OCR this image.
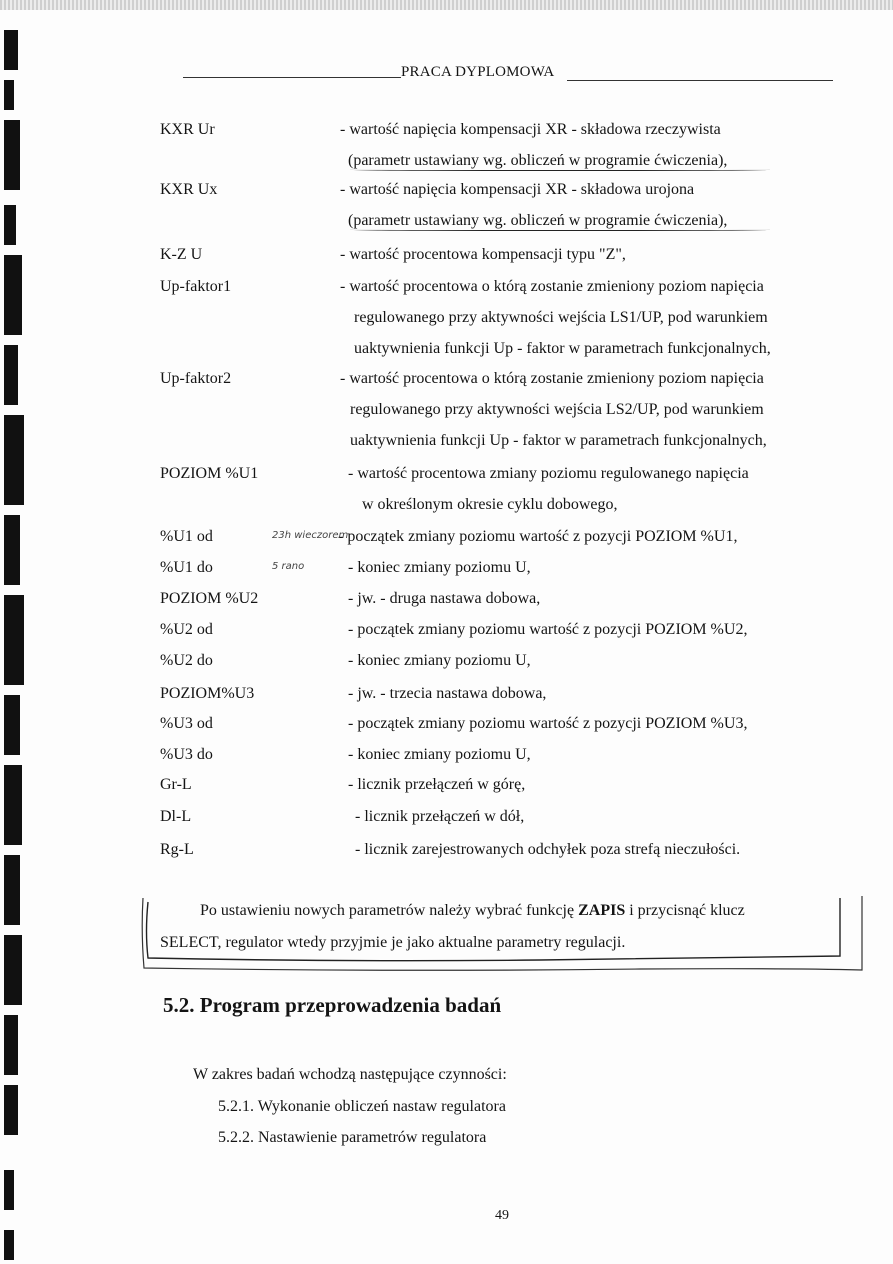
PRACA DYPLOMOWA
KXR Ur	- wartość napięcia kompensacji XR - składowa rzeczywista
(parametr ustawiany wg. obliczeń w programie ćwiczenia),
KXR Ux	- wartość napięcia kompensacji XR - składowa urojona
(parametr ustawiany wg. obliczeń w programie ćwiczenia),
K-Z U	- wartość procentowa kompensacji typu "Z",
Up-faktor1	- wartość procentowa o którą zostanie zmieniony poziom napięcia
regulowanego przy aktywności wejścia LS1/UP, pod warunkiem
uaktywnienia funkcji Up - faktor w parametrach funkcjonalnych,
Up-faktor2	- wartość procentowa o którą zostanie zmieniony poziom napięcia
regulowanego przy aktywności wejścia LS2/UP, pod warunkiem
uaktywnienia funkcji Up - faktor w parametrach funkcjonalnych,
POZIOM %U1	- wartość procentowa zmiany poziomu regulowanego napięcia
w określonym okresie cyklu dobowego,
%U1 od	- początek zmiany poziomu wartość z pozycji POZIOM %U1,
23h wieczorem
%U1 do	- koniec zmiany poziomu U,
5 rano
POZIOM %U2	- jw. - druga nastawa dobowa,
%U2 od	- początek zmiany poziomu wartość z pozycji POZIOM %U2,
%U2 do	- koniec zmiany poziomu U,
POZIOM%U3	- jw. - trzecia nastawa dobowa,
%U3 od	- początek zmiany poziomu wartość z pozycji POZIOM %U3,
%U3 do	- koniec zmiany poziomu U,
Gr-L	- licznik przełączeń w górę,
Dl-L	- licznik przełączeń w dół,
Rg-L	- licznik zarejestrowanych odchyłek poza strefą nieczułości.
Po ustawieniu nowych parametrów należy wybrać funkcję ZAPIS i przycisnąć klucz
SELECT, regulator wtedy przyjmie je jako aktualne parametry regulacji.
5.2. Program przeprowadzenia badań
W zakres badań wchodzą następujące czynności:
5.2.1. Wykonanie obliczeń nastaw regulatora
5.2.2. Nastawienie parametrów regulatora
49
